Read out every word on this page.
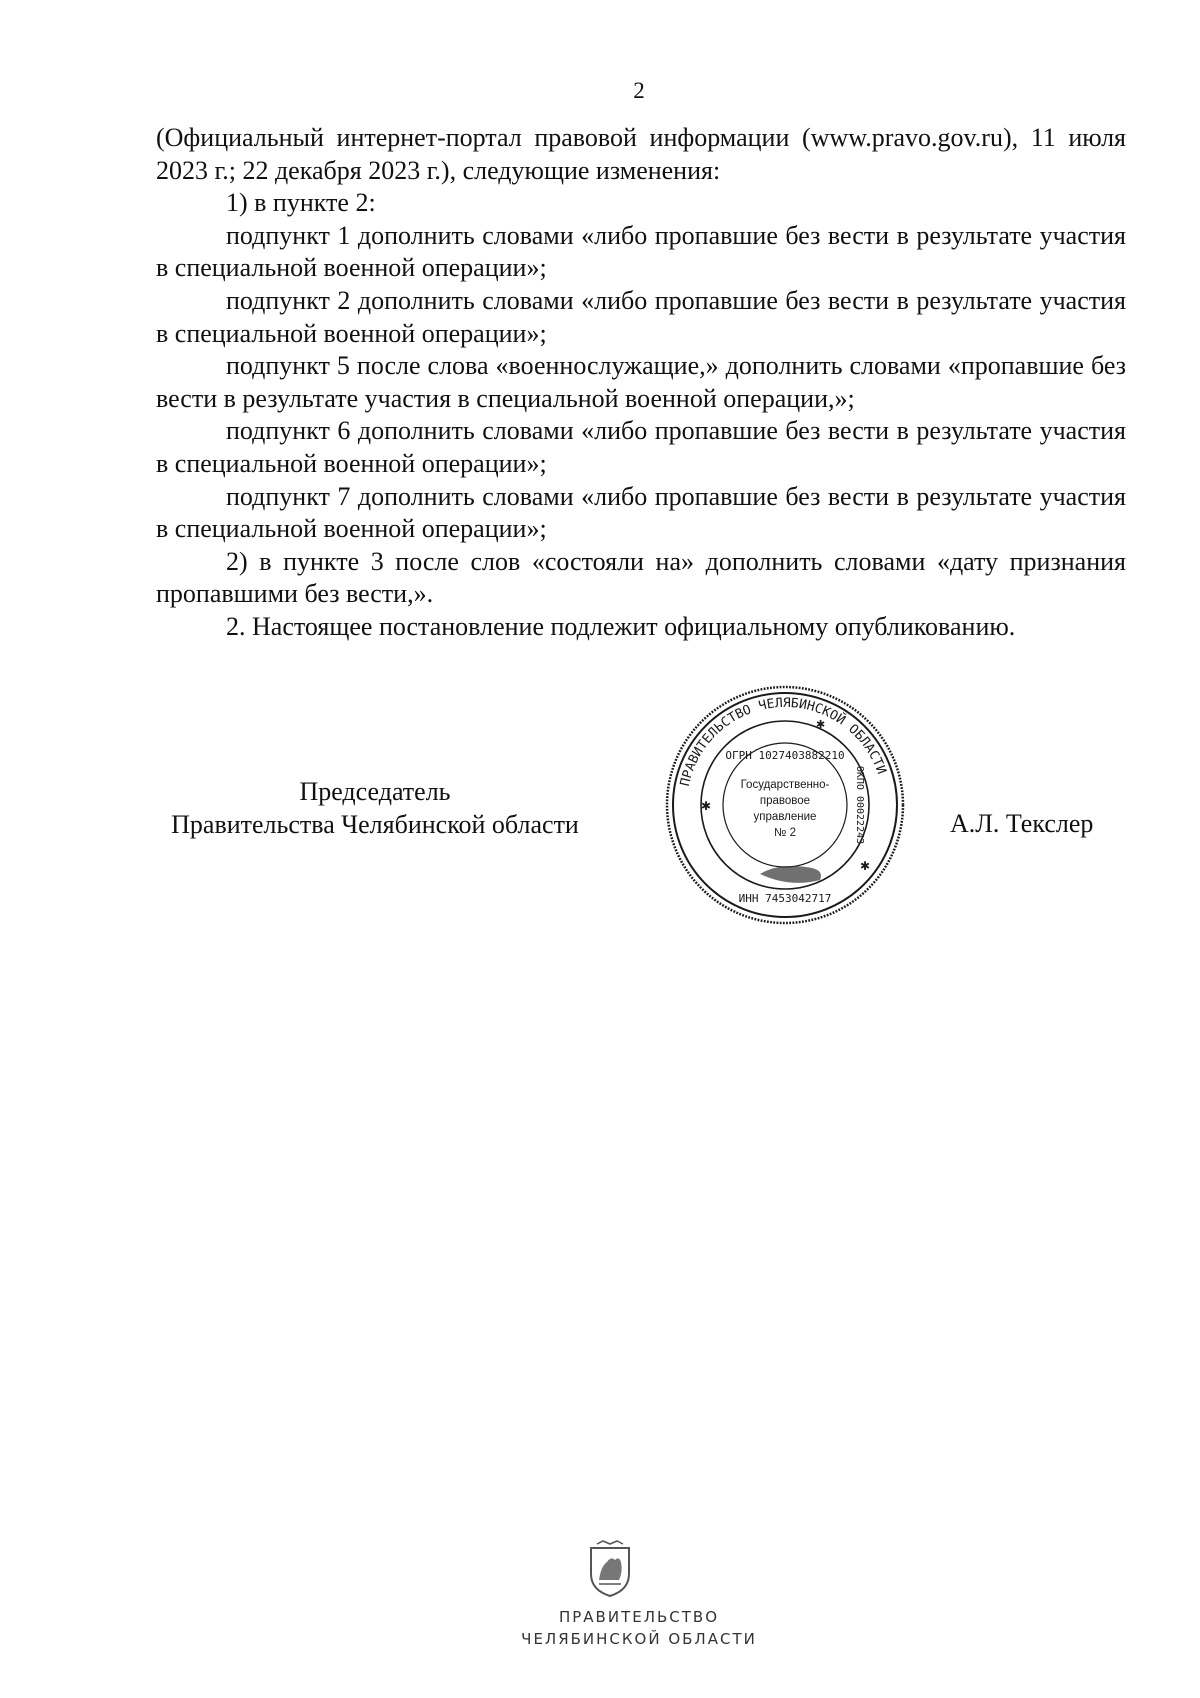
2

(Официальный интернет-портал правовой информации (www.pravo.gov.ru), 11 июля 2023 г.; 22 декабря 2023 г.), следующие изменения:

1) в пункте 2:

подпункт 1 дополнить словами «либо пропавшие без вести в результате участия в специальной военной операции»;

подпункт 2 дополнить словами «либо пропавшие без вести в результате участия в специальной военной операции»;

подпункт 5 после слова «военнослужащие,» дополнить словами «пропавшие без вести в результате участия в специальной военной операции,»;

подпункт 6 дополнить словами «либо пропавшие без вести в результате участия в специальной военной операции»;

подпункт 7 дополнить словами «либо пропавшие без вести в результате участия в специальной военной операции»;

2) в пункте 3 после слов «состояли на» дополнить словами «дату признания пропавшими без вести,».

2. Настоящее постановление подлежит официальному опубликованию.

Председатель
Правительства Челябинской области	А.Л. Текслер
ПРАВИТЕЛЬСТВО ЧЕЛЯБИНСКОЙ ОБЛАСТИ
ОГРН 1027403882210
ИНН 7453042717
ОКПО 00022243
Государственно-
правовое
управление
№ 2
✱
✱
✱
ПРАВИТЕЛЬСТВО
ЧЕЛЯБИНСКОЙ ОБЛАСТИ
